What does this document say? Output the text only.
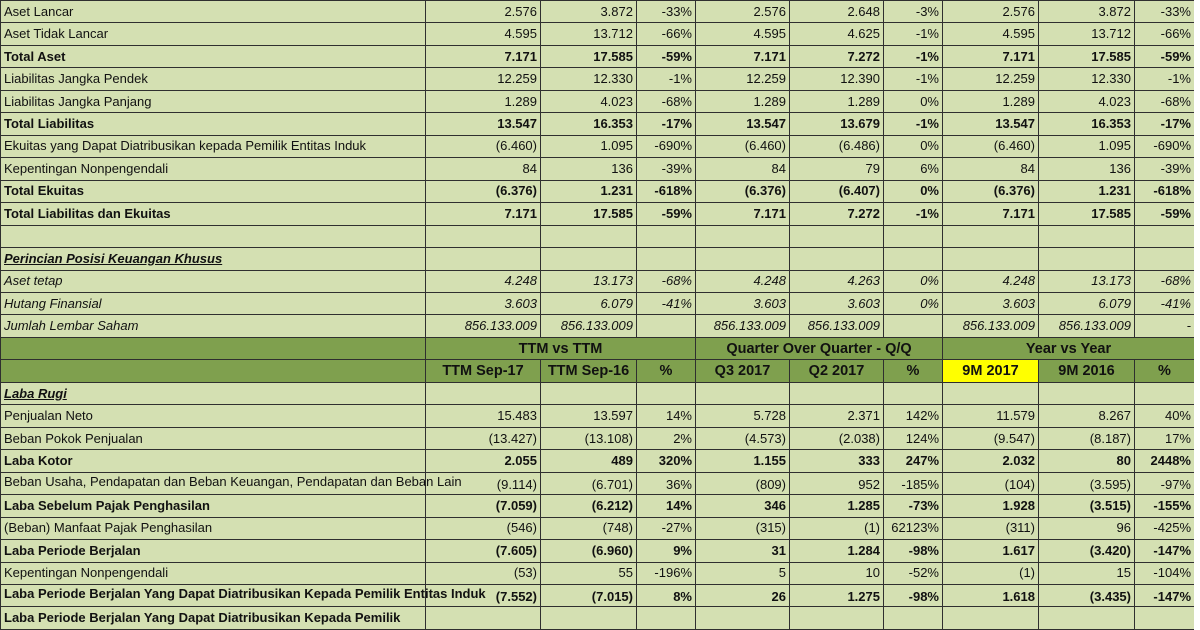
Aset Lancar	2.576	3.872	-33%	2.576	2.648	-3%	2.576	3.872	-33%
Aset Tidak Lancar	4.595	13.712	-66%	4.595	4.625	-1%	4.595	13.712	-66%
Total Aset	7.171	17.585	-59%	7.171	7.272	-1%	7.171	17.585	-59%
Liabilitas Jangka Pendek	12.259	12.330	-1%	12.259	12.390	-1%	12.259	12.330	-1%
Liabilitas Jangka Panjang	1.289	4.023	-68%	1.289	1.289	0%	1.289	4.023	-68%
Total Liabilitas	13.547	16.353	-17%	13.547	13.679	-1%	13.547	16.353	-17%
Ekuitas yang Dapat Diatribusikan kepada Pemilik Entitas Induk	(6.460)	1.095	-690%	(6.460)	(6.486)	0%	(6.460)	1.095	-690%
Kepentingan Nonpengendali	84	136	-39%	84	79	6%	84	136	-39%
Total Ekuitas	(6.376)	1.231	-618%	(6.376)	(6.407)	0%	(6.376)	1.231	-618%
Total Liabilitas dan Ekuitas	7.171	17.585	-59%	7.171	7.272	-1%	7.171	17.585	-59%

Perincian Posisi Keuangan Khusus									
Aset tetap	4.248	13.173	-68%	4.248	4.263	0%	4.248	13.173	-68%
Hutang Finansial	3.603	6.079	-41%	3.603	3.603	0%	3.603	6.079	-41%
Jumlah Lembar Saham	856.133.009	856.133.009		856.133.009	856.133.009		856.133.009	856.133.009	-
	TTM vs TTM			Quarter Over Quarter - Q/Q			Year vs Year		
	TTM Sep-17	TTM Sep-16	%	Q3 2017	Q2 2017	%	9M 2017	9M 2016	%
Laba Rugi									
Penjualan Neto	15.483	13.597	14%	5.728	2.371	142%	11.579	8.267	40%
Beban Pokok Penjualan	(13.427)	(13.108)	2%	(4.573)	(2.038)	124%	(9.547)	(8.187)	17%
Laba Kotor	2.055	489	320%	1.155	333	247%	2.032	80	2448%
Beban Usaha, Pendapatan dan Beban Keuangan, Pendapatan dan Beban Lain	(9.114)	(6.701)	36%	(809)	952	-185%	(104)	(3.595)	-97%
Laba Sebelum Pajak Penghasilan	(7.059)	(6.212)	14%	346	1.285	-73%	1.928	(3.515)	-155%
(Beban) Manfaat Pajak Penghasilan	(546)	(748)	-27%	(315)	(1)	62123%	(311)	96	-425%
Laba Periode Berjalan	(7.605)	(6.960)	9%	31	1.284	-98%	1.617	(3.420)	-147%
Kepentingan Nonpengendali	(53)	55	-196%	5	10	-52%	(1)	15	-104%
Laba Periode Berjalan Yang Dapat Diatribusikan Kepada Pemilik Entitas Induk	(7.552)	(7.015)	8%	26	1.275	-98%	1.618	(3.435)	-147%
Laba Periode Berjalan Yang Dapat Diatribusikan Kepada Pemilik									
